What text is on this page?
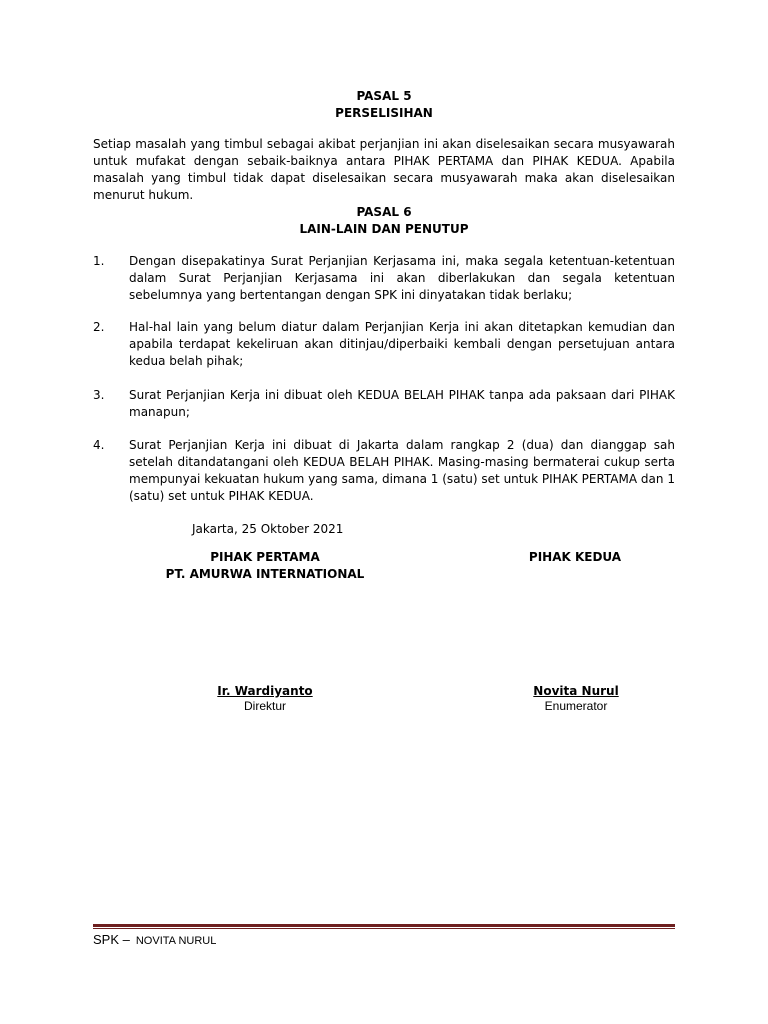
PASAL 5
PERSELISIHAN

Setiap masalah yang timbul sebagai akibat perjanjian ini akan diselesaikan secara musyawarah untuk mufakat dengan sebaik-baiknya antara PIHAK PERTAMA dan PIHAK KEDUA. Apabila masalah yang timbul tidak dapat diselesaikan secara musyawarah maka akan diselesaikan menurut hukum.

PASAL 6
LAIN-LAIN DAN PENUTUP
1.	Dengan disepakatinya Surat Perjanjian Kerjasama ini, maka segala ketentuan-ketentuan dalam Surat Perjanjian Kerjasama ini akan diberlakukan dan segala ketentuan sebelumnya yang bertentangan dengan SPK ini dinyatakan tidak berlaku;
2.	Hal-hal lain yang belum diatur dalam Perjanjian Kerja ini akan ditetapkan kemudian dan apabila terdapat kekeliruan akan ditinjau/diperbaiki kembali dengan persetujuan antara kedua belah pihak;
3.	Surat Perjanjian Kerja ini dibuat oleh KEDUA BELAH PIHAK tanpa ada paksaan dari PIHAK manapun;
4.	Surat Perjanjian Kerja ini dibuat di Jakarta dalam rangkap 2 (dua) dan dianggap sah setelah ditandatangani oleh KEDUA BELAH PIHAK. Masing-masing bermaterai cukup serta mempunyai kekuatan hukum yang sama, dimana 1 (satu) set untuk PIHAK PERTAMA dan 1 (satu) set untuk PIHAK KEDUA.
Jakarta, 25 Oktober 2021
PIHAK PERTAMA
PT. AMURWA INTERNATIONAL
PIHAK KEDUA
Ir. Wardiyanto
Direktur
Novita Nurul
Enumerator
SPK – NOVITA NURUL
